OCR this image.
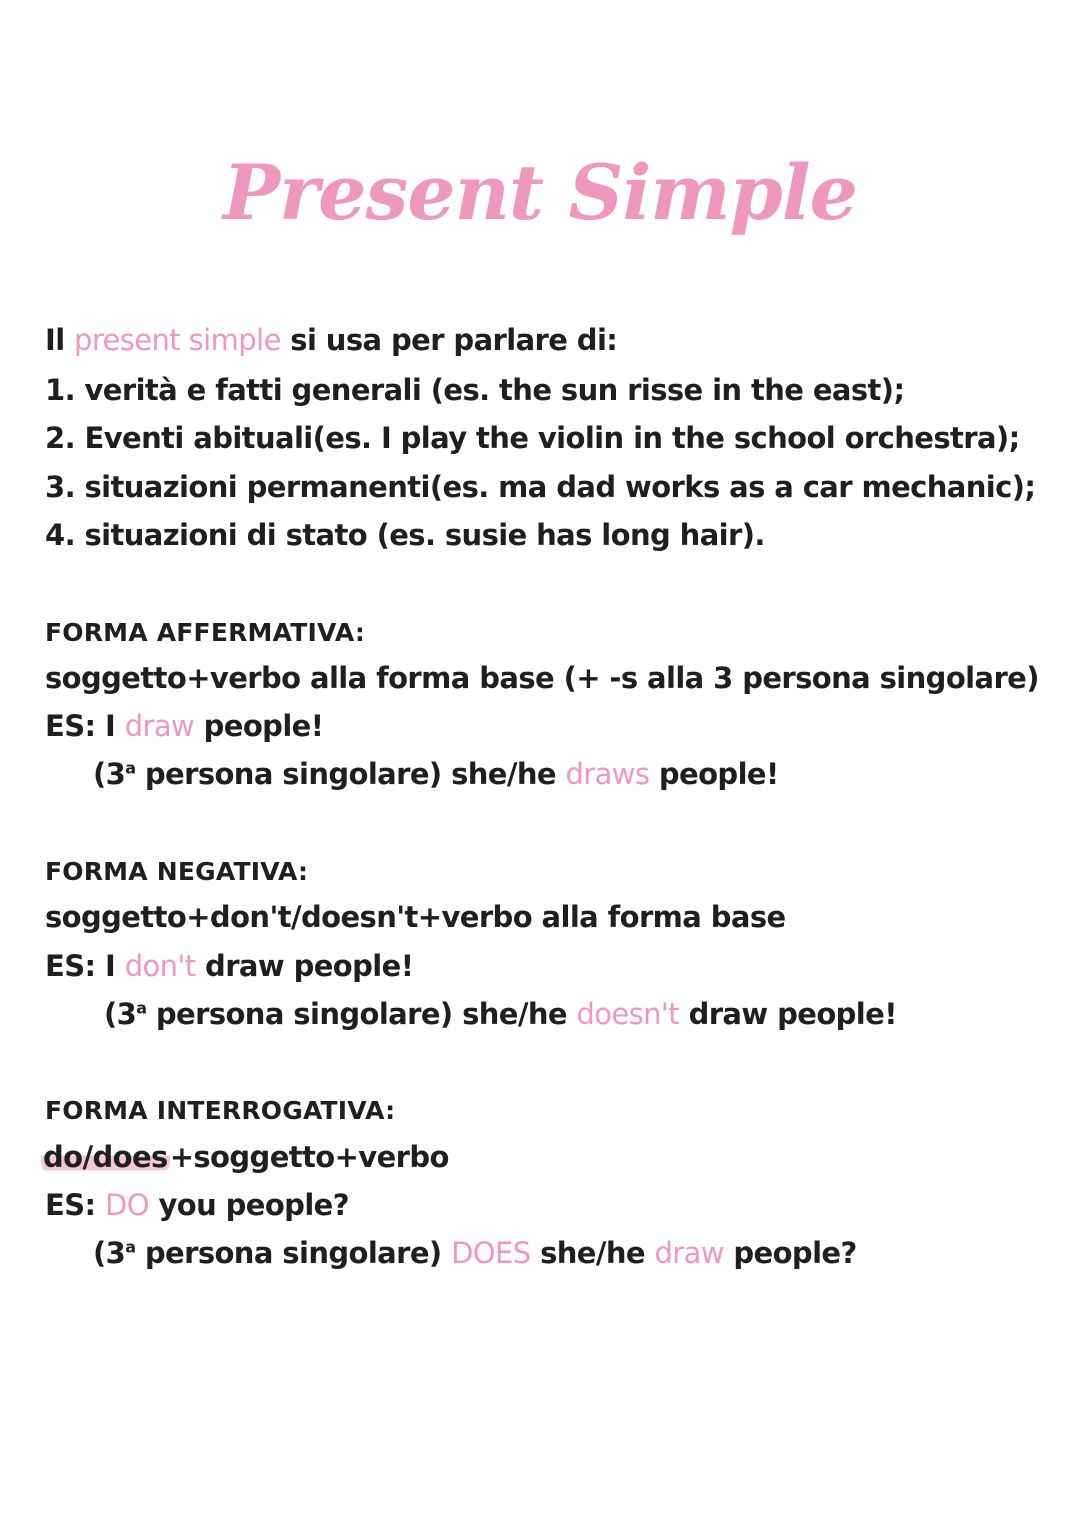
Present Simple
Il present simple si usa per parlare di:
1. verità e fatti generali (es. the sun risse in the east);
2. Eventi abituali(es. I play the violin in the school orchestra);
3. situazioni permanenti(es. ma dad works as a car mechanic);
4. situazioni di stato (es. susie has long hair).
FORMA AFFERMATIVA:
soggetto+verbo alla forma base (+ -s alla 3 persona singolare)
ES: I draw people!
(3$^a$ persona singolare) she/he draws people!
FORMA NEGATIVA:
soggetto+don't/doesn't+verbo alla forma base
ES: I don't draw people!
(3$^a$ persona singolare) she/he doesn't draw people!
FORMA INTERROGATIVA:
do/does+soggetto+verbo
ES: DO you people?
(3$^a$ persona singolare) DOES she/he draw people?
